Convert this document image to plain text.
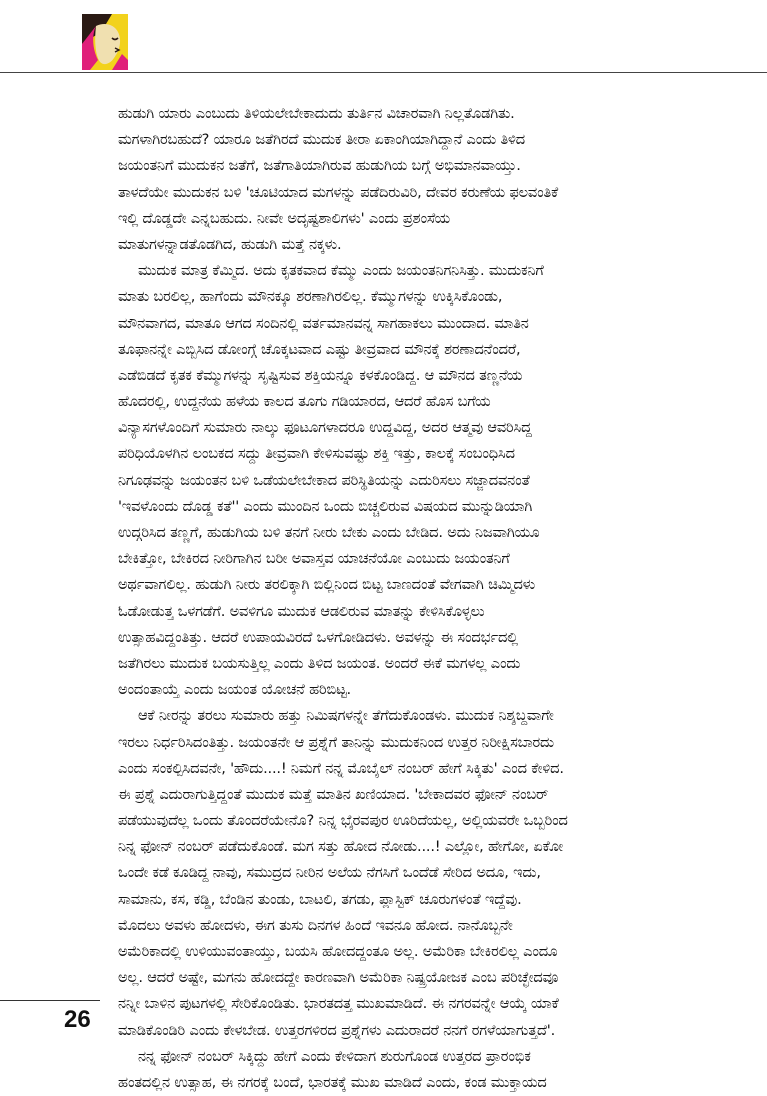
ಹುಡುಗಿ ಯಾರು ಎಂಬುದು ತಿಳಿಯಲೇಬೇಕಾದುದು ತುರ್ತಿನ ವಿಚಾರವಾಗಿ ನಿಲ್ಲತೊಡಗಿತು.
ಮಗಳಾಗಿರಬಹುದೆ? ಯಾರೂ ಜತೆಗಿರದೆ ಮುದುಕ ತೀರಾ ಏಕಾಂಗಿಯಾಗಿದ್ದಾನೆ ಎಂದು ತಿಳಿದ
ಜಯಂತನಿಗೆ ಮುದುಕನ ಜತೆಗೆ, ಜತೆಗಾತಿಯಾಗಿರುವ ಹುಡುಗಿಯ ಬಗ್ಗೆ ಅಭಿಮಾನವಾಯ್ತು.
ತಾಳದೆಯೇ ಮುದುಕನ ಬಳಿ 'ಚೂಟಿಯಾದ ಮಗಳನ್ನು ಪಡೆದಿರುವಿರಿ, ದೇವರ ಕರುಣೆಯ ಫಲವಂತಿಕೆ
ಇಲ್ಲಿ ದೊಡ್ಡದೇ ಎನ್ನಬಹುದು. ನೀವೇ ಅದೃಷ್ಟಶಾಲಿಗಳು' ಎಂದು ಪ್ರಶಂಸೆಯ
ಮಾತುಗಳನ್ನಾಡತೊಡಗಿದ, ಹುಡುಗಿ ಮತ್ತೆ ನಕ್ಕಳು.
ಮುದುಕ ಮಾತ್ರ ಕೆಮ್ಮಿದ. ಅದು ಕೃತಕವಾದ ಕೆಮ್ಮು ಎಂದು ಜಯಂತನಿಗನಿಸಿತ್ತು. ಮುದುಕನಿಗೆ
ಮಾತು ಬರಲಿಲ್ಲ, ಹಾಗೆಂದು ಮೌನಕ್ಕೂ ಶರಣಾಗಿರಲಿಲ್ಲ. ಕೆಮ್ಮುಗಳನ್ನು ಉಕ್ಕಿಸಿಕೊಂಡು,
ಮೌನವಾಗದ, ಮಾತೂ ಆಗದ ಸಂದಿನಲ್ಲಿ ವರ್ತಮಾನವನ್ನ ಸಾಗಹಾಕಲು ಮುಂದಾದ. ಮಾತಿನ
ತೂಫಾನನ್ನೇ ಎಬ್ಬಿಸಿದ ಡೋಂಗ್ಗೆ ಚೊಕ್ಕಟವಾದ ಎಷ್ಟು ತೀವ್ರವಾದ ಮೌನಕ್ಕೆ ಶರಣಾದನೆಂದರೆ,
ಎಡೆಬಿಡದೆ ಕೃತಕ ಕೆಮ್ಮುಗಳನ್ನು ಸೃಷ್ಟಿಸುವ ಶಕ್ತಿಯನ್ನೂ ಕಳಕೊಂಡಿದ್ದ. ಆ ಮೌನದ ತಣ್ಣನೆಯ
ಹೊದರಲ್ಲಿ, ಉದ್ದನೆಯ ಹಳೆಯ ಕಾಲದ ತೂಗು ಗಡಿಯಾರದ, ಆದರೆ ಹೊಸ ಬಗೆಯ
ವಿನ್ಯಾಸಗಳೊಂದಿಗೆ ಸುಮಾರು ನಾಲ್ಕು ಫೂಟೂಗಳಾದರೂ ಉದ್ದವಿದ್ದ, ಅದರ ಆತ್ಮವು ಆವರಿಸಿದ್ದ
ಪರಿಧಿಯೊಳಗಿನ ಲಂಬಕದ ಸದ್ದು ತೀವ್ರವಾಗಿ ಕೇಳಿಸುವಷ್ಟು ಶಕ್ತಿ ಇತ್ತು, ಕಾಲಕ್ಕೆ ಸಂಬಂಧಿಸಿದ
ನಿಗೂಢವನ್ನು ಜಯಂತನ ಬಳಿ ಒಡೆಯಲೇಬೇಕಾದ ಪರಿಸ್ಥಿತಿಯನ್ನು ಎದುರಿಸಲು ಸಜ್ಜಾದವನಂತೆ
'ಇವಳೊಂದು ದೊಡ್ಡ ಕತೆ'' ಎಂದು ಮುಂದಿನ ಒಂದು ಬಿಚ್ಚಲಿರುವ ವಿಷಯದ ಮುನ್ನುಡಿಯಾಗಿ
ಉದ್ಗರಿಸಿದ ತಣ್ಣಗೆ, ಹುಡುಗಿಯ ಬಳಿ ತನಗೆ ನೀರು ಬೇಕು ಎಂದು ಬೇಡಿದ. ಅದು ನಿಜವಾಗಿಯೂ
ಬೇಕಿತ್ತೋ, ಬೇಕಿರದ ನೀರಿಗಾಗಿನ ಬರೀ ಅವಾಸ್ತವ ಯಾಚನೆಯೋ ಎಂಬುದು ಜಯಂತನಿಗೆ
ಅರ್ಥವಾಗಲಿಲ್ಲ. ಹುಡುಗಿ ನೀರು ತರಲಿಕ್ಕಾಗಿ ಬಿಲ್ಲಿನಿಂದ ಬಿಟ್ಟ ಬಾಣದಂತೆ ವೇಗವಾಗಿ ಚಿಮ್ಮಿದಳು
ಓಡೋಡುತ್ತ ಒಳಗಡೆಗೆ. ಅವಳಿಗೂ ಮುದುಕ ಆಡಲಿರುವ ಮಾತನ್ನು ಕೇಳಿಸಿಕೊಳ್ಳಲು
ಉತ್ಸಾಹವಿದ್ದಂತಿತ್ತು. ಆದರೆ ಉಪಾಯವಿರದೆ ಒಳಗೋಡಿದಳು. ಅವಳನ್ನು ಈ ಸಂದರ್ಭದಲ್ಲಿ
ಜತೆಗಿರಲು ಮುದುಕ ಬಯಸುತ್ತಿಲ್ಲ ಎಂದು ತಿಳಿದ ಜಯಂತ. ಅಂದರೆ ಈಕೆ ಮಗಳಲ್ಲ ಎಂದು
ಅಂದಂತಾಯ್ತೆ ಎಂದು ಜಯಂತ ಯೋಚನೆ ಹರಿಬಿಟ್ಟ.
ಆಕೆ ನೀರನ್ನು ತರಲು ಸುಮಾರು ಹತ್ತು ನಿಮಿಷಗಳನ್ನೇ ತೆಗೆದುಕೊಂಡಳು. ಮುದುಕ ನಿಶ್ಶಬ್ದವಾಗೇ
ಇರಲು ನಿರ್ಧರಿಸಿದಂತಿತ್ತು. ಜಯಂತನೇ ಆ ಪ್ರಶ್ನೆಗೆ ತಾನಿನ್ನು ಮುದುಕನಿಂದ ಉತ್ತರ ನಿರೀಕ್ಷಿಸಬಾರದು
ಎಂದು ಸಂಕಲ್ಪಿಸಿದವನೇ, 'ಹೌದು....! ನಿಮಗೆ ನನ್ನ ಮೊಬೈಲ್ ನಂಬರ್ ಹೇಗೆ ಸಿಕ್ಕಿತು' ಎಂದ ಕೇಳಿದ.
ಈ ಪ್ರಶ್ನೆ ಎದುರಾಗುತ್ತಿದ್ದಂತೆ ಮುದುಕ ಮತ್ತೆ ಮಾತಿನ ಖಣಿಯಾದ. 'ಬೇಕಾದವರ ಫೋನ್ ನಂಬರ್
ಪಡೆಯುವುದೆಲ್ಲ ಒಂದು ತೊಂದರೆಯೇನೊ? ನಿನ್ನ ಭೈರವಪುರ ಊರಿದೆಯಲ್ಲ, ಅಲ್ಲಿಯವರೇ ಒಬ್ಬರಿಂದ
ನಿನ್ನ ಫೋನ್ ನಂಬರ್ ಪಡೆದುಕೊಂಡೆ. ಮಗ ಸತ್ತು ಹೋದ ನೋಡು....! ಎಲ್ಲೋ, ಹೇಗೋ, ಏಕೋ
ಒಂದೇ ಕಡೆ ಕೂಡಿದ್ದ ನಾವು, ಸಮುದ್ರದ ನೀರಿನ ಅಲೆಯ ನೆಗಸಿಗೆ ಒಂದೆಡೆ ಸೇರಿದ ಅದೂ, ಇದು,
ಸಾಮಾನು, ಕಸ, ಕಡ್ಡಿ, ಬೆಂಡಿನ ತುಂಡು, ಬಾಟಲಿ, ತಗಡು, ಪ್ಲಾಸ್ಟಿಕ್ ಚೂರುಗಳಂತೆ ಇದ್ದೆವು.
ಮೊದಲು ಅವಳು ಹೋದಳು, ಈಗ ತುಸು ದಿನಗಳ ಹಿಂದೆ ಇವನೂ ಹೋದ. ನಾನೊಬ್ಬನೇ
ಅಮೆರಿಕಾದಲ್ಲಿ ಉಳಿಯುವಂತಾಯ್ತು, ಬಯಸಿ ಹೋದದ್ದಂತೂ ಅಲ್ಲ. ಅಮೆರಿಕಾ ಬೇಕಿರಲಿಲ್ಲ ಎಂದೂ
ಅಲ್ಲ. ಆದರೆ ಅಷ್ಟೇ, ಮಗನು ಹೋದದ್ದೇ ಕಾರಣವಾಗಿ ಅಮೆರಿಕಾ ನಿಷ್ಪ್ರಯೋಜಕ ಎಂಬ ಪರಿಚ್ಛೇದವೂ
ನನ್ನೀ ಬಾಳಿನ ಪುಟಗಳಲ್ಲಿ ಸೇರಿಕೊಂಡಿತು. ಭಾರತದತ್ತ ಮುಖಮಾಡಿದೆ. ಈ ನಗರವನ್ನೇ ಆಯ್ಕೆ ಯಾಕೆ
ಮಾಡಿಕೊಂಡಿರಿ ಎಂದು ಕೇಳಬೇಡ. ಉತ್ತರಗಳಿರದ ಪ್ರಶ್ನೆಗಳು ಎದುರಾದರೆ ನನಗೆ ರಗಳೆಯಾಗುತ್ತದೆ'.
ನನ್ನ ಫೋನ್ ನಂಬರ್ ಸಿಕ್ಕಿದ್ದು ಹೇಗೆ ಎಂದು ಕೇಳಿದಾಗ ಶುರುಗೊಂಡ ಉತ್ತರದ ಪ್ರಾರಂಭಿಕ
ಹಂತದಲ್ಲಿನ ಉತ್ಸಾಹ, ಈ ನಗರಕ್ಕೆ ಬಂದೆ, ಭಾರತಕ್ಕೆ ಮುಖ ಮಾಡಿದೆ ಎಂದು, ಕಂಡ ಮುಕ್ತಾಯದ
26
